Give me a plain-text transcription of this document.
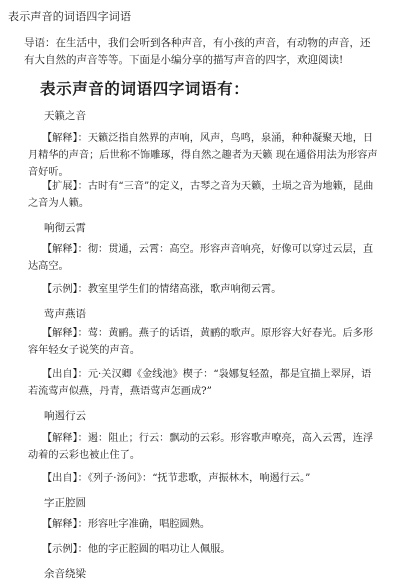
表示声音的词语四字词语
导语：在生活中，我们会听到各种声音，有小孩的声音，有动物的声音，还有大自然的声音等等。下面是小编分享的描写声音的四字，欢迎阅读!
表示声音的词语四字词语有：
天籁之音
【解释】：天籁泛指自然界的声响，风声，鸟鸣，泉涌，种种凝聚天地，日月精华的声音；后世称不饰雕琢，得自然之趣者为天籁 现在通俗用法为形容声音好听。
【扩展】：古时有“三音”的定义，古琴之音为天籁，土埙之音为地籁，昆曲之音为人籁。
响彻云霄
【解释】：彻：贯通，云霄：高空。形容声音响亮，好像可以穿过云层，直达高空。
【示例】：教室里学生们的情绪高涨，歌声响彻云霄。
莺声燕语
【解释】：莺：黄鹂。燕子的话语，黄鹂的歌声。原形容大好春光。后多形容年轻女子说笑的声音。
【出自】：元·关汉卿《金线池》楔子：“袅娜复轻盈，都是宜描上翠屏，语若流莺声似燕，丹青，燕语莺声怎画成?”
响遏行云
【解释】：遏：阻止；行云：飘动的云彩。形容歌声嘹亮，高入云霄，连浮动着的云彩也被止住了。
【出自】：《列子·汤问》：“抚节悲歌，声振林木，响遏行云。”
字正腔圆
【解释】：形容吐字准确，唱腔圆熟。
【示例】：他的字正腔圆的唱功让人佩服。
余音绕梁
